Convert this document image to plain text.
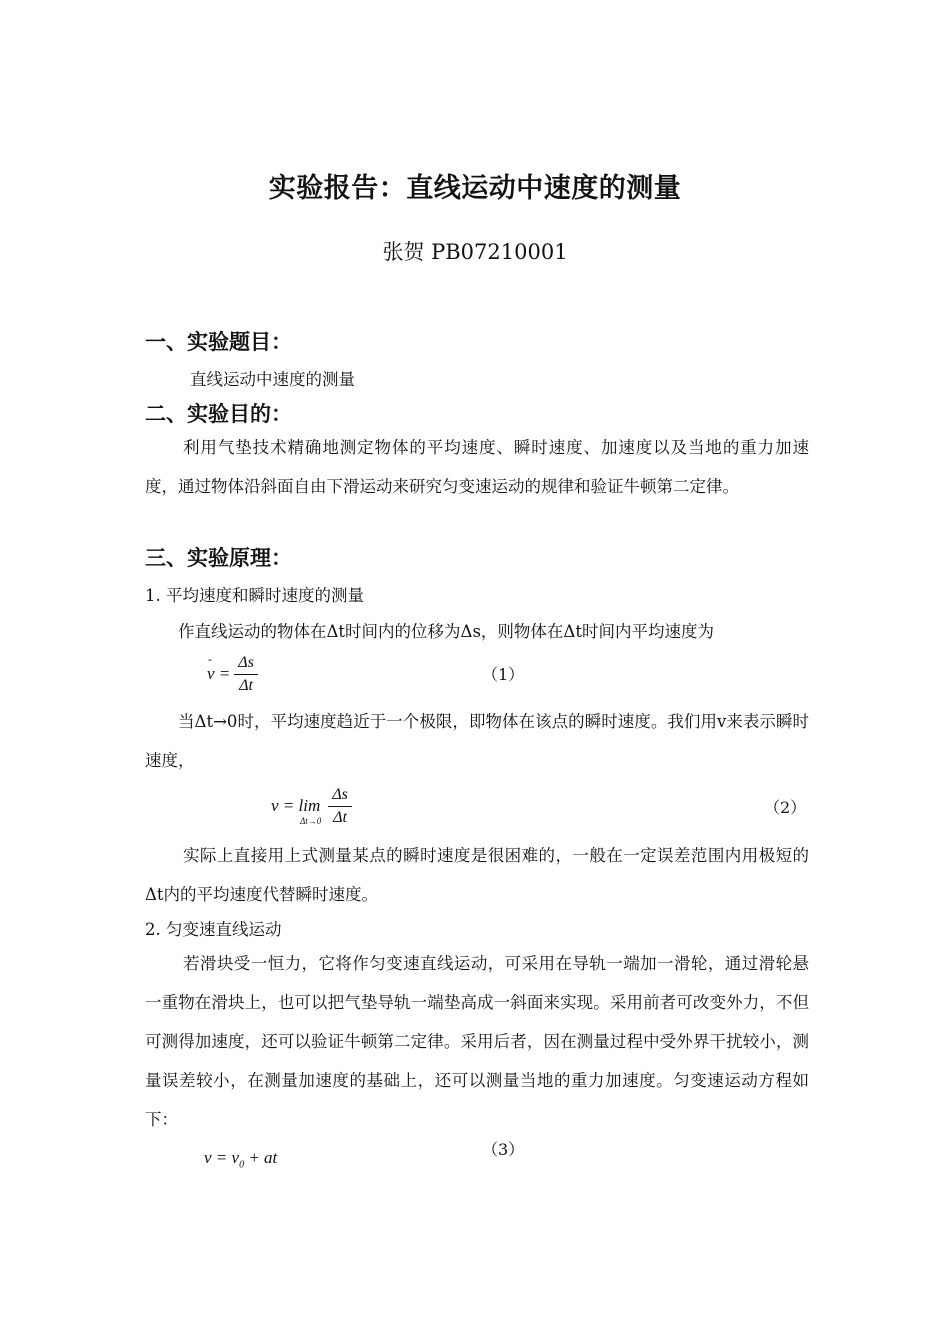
实验报告：直线运动中速度的测量
张贺 PB07210001
一、实验题目：
直线运动中速度的测量
二、实验目的：
利用气垫技术精确地测定物体的平均速度、瞬时速度、加速度以及当地的重力加速度，通过物体沿斜面自由下滑运动来研究匀变速运动的规律和验证牛顿第二定律。
三、实验原理：
1. 平均速度和瞬时速度的测量
作直线运动的物体在Δt时间内的位移为Δs，则物体在Δt时间内平均速度为
v =
- Δs
Δt
（1）
当Δt→0时，平均速度趋近于一个极限，即物体在该点的瞬时速度。我们用v来表示瞬时速度，
v = lim
Δt→0
Δs
Δt
（2）
实际上直接用上式测量某点的瞬时速度是很困难的，一般在一定误差范围内用极短的Δt内的平均速度代替瞬时速度。
2. 匀变速直线运动
若滑块受一恒力，它将作匀变速直线运动，可采用在导轨一端加一滑轮，通过滑轮悬一重物在滑块上，也可以把气垫导轨一端垫高成一斜面来实现。采用前者可改变外力，不但可测得加速度，还可以验证牛顿第二定律。采用后者，因在测量过程中受外界干扰较小，测量误差较小，在测量加速度的基础上，还可以测量当地的重力加速度。匀变速运动方程如下：
$v = v_0$ + at	（3）
